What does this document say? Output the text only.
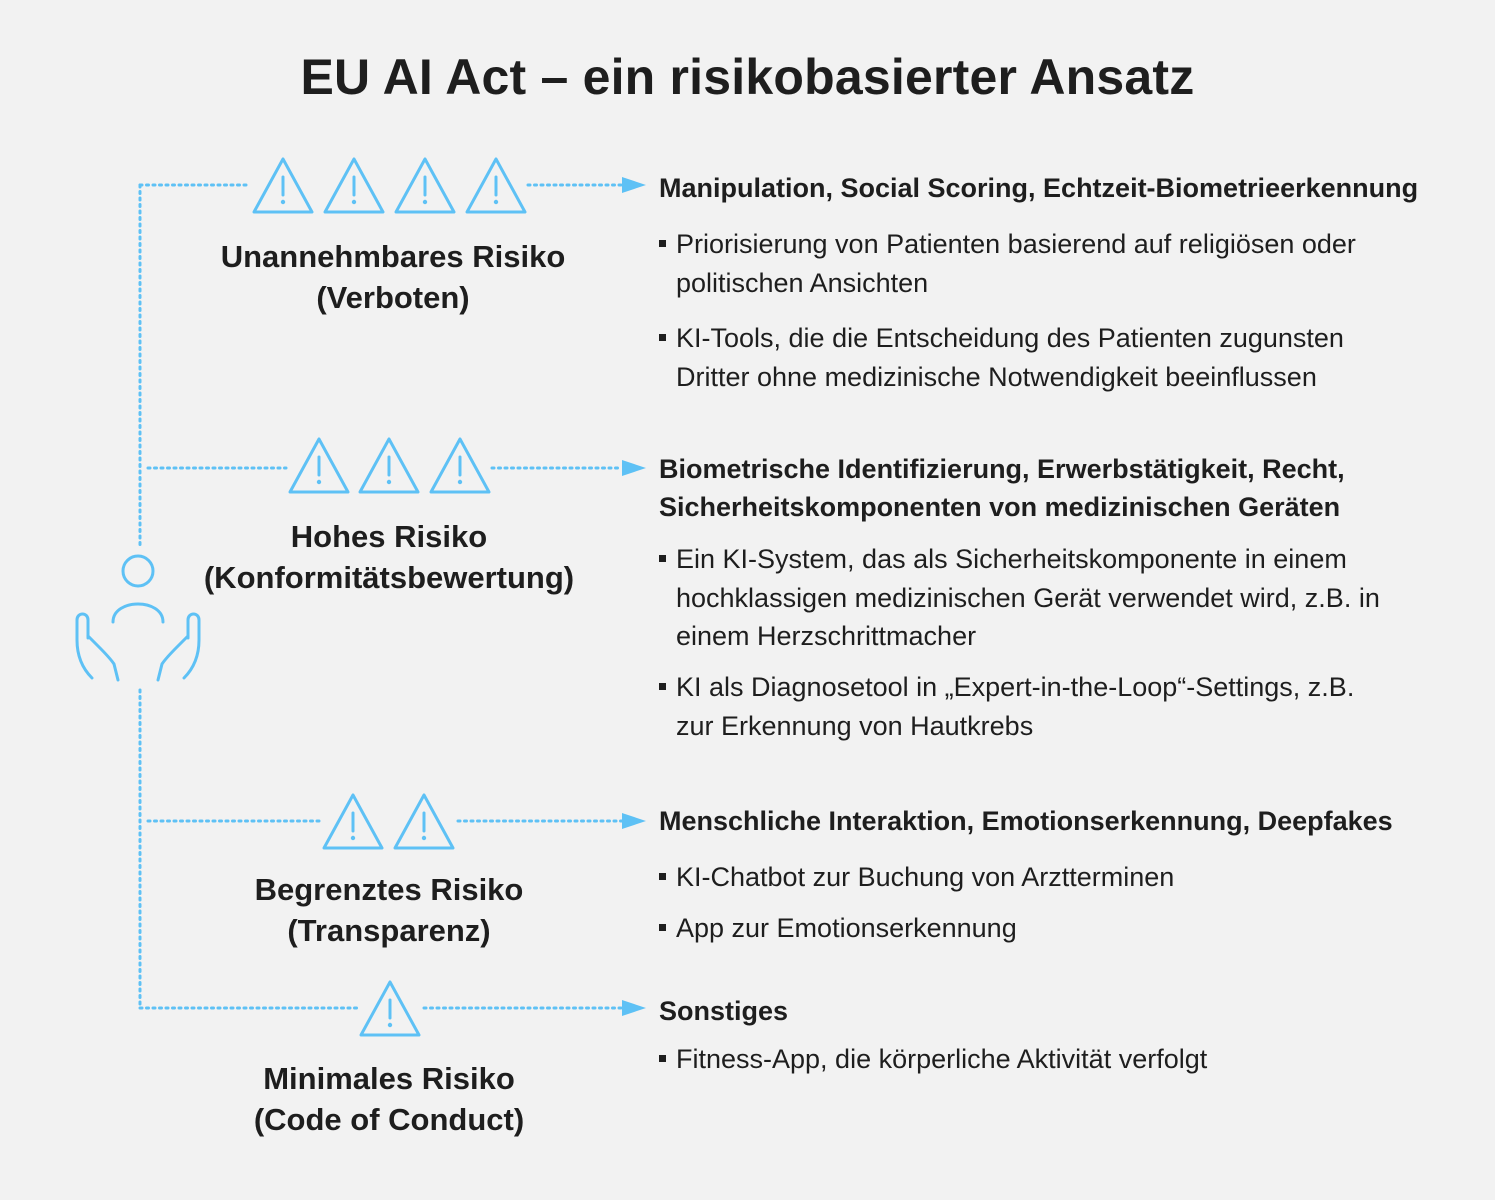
EU AI Act – ein risikobasierter Ansatz
Unannehmbares Risiko
(Verboten)
Hohes Risiko
(Konformitätsbewertung)
Begrenztes Risiko
(Transparenz)
Minimales Risiko
(Code of Conduct)
Manipulation, Social Scoring, Echtzeit-Biometrieerkennung
Priorisierung von Patienten basierend auf religiösen oder politischen Ansichten
KI-Tools, die die Entscheidung des Patienten zugunsten Dritter ohne medizinische Notwendigkeit beeinflussen
Biometrische Identifizierung, Erwerbstätigkeit, Recht, Sicherheitskomponenten von medizinischen Geräten
Ein KI-System, das als Sicherheitskomponente in einem hochklassigen medizinischen Gerät verwendet wird, z.B. in einem Herzschrittmacher
KI als Diagnosetool in „Expert-in-the-Loop“-Settings, z.B. zur Erkennung von Hautkrebs
Menschliche Interaktion, Emotionserkennung, Deepfakes
KI-Chatbot zur Buchung von Arztterminen
App zur Emotionserkennung
Sonstiges
Fitness-App, die körperliche Aktivität verfolgt
